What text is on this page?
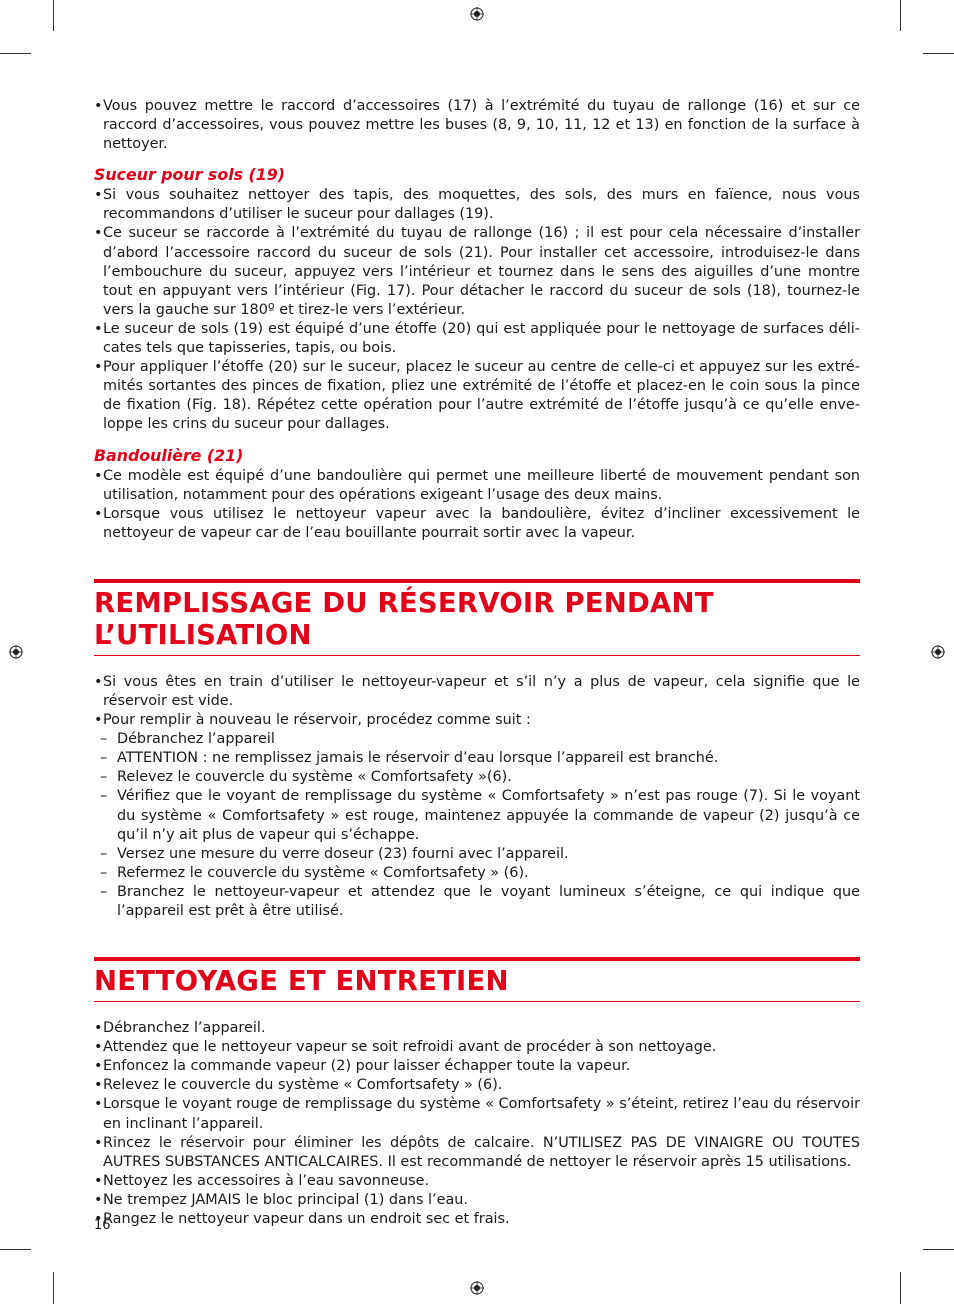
• Vous pouvez mettre le raccord d’accessoires (17) à l’extrémité du tuyau de rallonge (16) et sur ce raccord d’accessoires, vous pouvez mettre les buses (8, 9, 10, 11, 12 et 13) en fonction de la surface à nettoyer.
Suceur pour sols (19)
• Si vous souhaitez nettoyer des tapis, des moquettes, des sols, des murs en faïence, nous vous recommandons d’utiliser le suceur pour dallages (19).
• Ce suceur se raccorde à l’extrémité du tuyau de rallonge (16) ; il est pour cela nécessaire d’installer d’abord l’accessoire raccord du suceur de sols (21). Pour installer cet accessoire, introduisez-le dans l’embouchure du suceur, appuyez vers l’intérieur et tournez dans le sens des aiguilles d’une montre tout en appuyant vers l’intérieur (Fig. 17). Pour détacher le raccord du suceur de sols (18), tournez-le vers la gauche sur 180º et tirez-le vers l’extérieur.
• Le suceur de sols (19) est équipé d’une étoffe (20) qui est appliquée pour le nettoyage de surfaces délicates tels que tapisseries, tapis, ou bois.
• Pour appliquer l’étoffe (20) sur le suceur, placez le suceur au centre de celle-ci et appuyez sur les extrémités sortantes des pinces de fixation, pliez une extrémité de l’étoffe et placez-en le coin sous la pince de fixation (Fig. 18). Répétez cette opération pour l’autre extrémité de l’étoffe jusqu’à ce qu’elle enveloppe les crins du suceur pour dallages.
Bandoulière (21)
• Ce modèle est équipé d’une bandoulière qui permet une meilleure liberté de mouvement pendant son utilisation, notamment pour des opérations exigeant l’usage des deux mains.
• Lorsque vous utilisez le nettoyeur vapeur avec la bandoulière, évitez d’incliner excessivement le nettoyeur de vapeur car de l’eau bouillante pourrait sortir avec la vapeur.
REMPLISSAGE DU RÉSERVOIR PENDANT L’UTILISATION
• Si vous êtes en train d’utiliser le nettoyeur-vapeur et s’il n’y a plus de vapeur, cela signifie que le réservoir est vide.
• Pour remplir à nouveau le réservoir, procédez comme suit :
– Débranchez l’appareil
– ATTENTION : ne remplissez jamais le réservoir d’eau lorsque l’appareil est branché.
– Relevez le couvercle du système « Comfortsafety »(6).
– Vérifiez que le voyant de remplissage du système « Comfortsafety » n’est pas rouge (7). Si le voyant du système « Comfortsafety » est rouge, maintenez appuyée la commande de vapeur (2) jusqu’à ce qu’il n’y ait plus de vapeur qui s’échappe.
– Versez une mesure du verre doseur (23) fourni avec l’appareil.
– Refermez le couvercle du système « Comfortsafety » (6).
– Branchez le nettoyeur-vapeur et attendez que le voyant lumineux s’éteigne, ce qui indique que l’appareil est prêt à être utilisé.
NETTOYAGE ET ENTRETIEN
• Débranchez l’appareil.
• Attendez que le nettoyeur vapeur se soit refroidi avant de procéder à son nettoyage.
• Enfoncez la commande vapeur (2) pour laisser échapper toute la vapeur.
• Relevez le couvercle du système « Comfortsafety » (6).
• Lorsque le voyant rouge de remplissage du système « Comfortsafety » s’éteint, retirez l’eau du réservoir en inclinant l’appareil.
• Rincez le réservoir pour éliminer les dépôts de calcaire. N’UTILISEZ PAS DE VINAIGRE OU TOUTES AUTRES SUBSTANCES ANTICALCAIRES. Il est recommandé de nettoyer le réservoir après 15 utilisations.
• Nettoyez les accessoires à l’eau savonneuse.
• Ne trempez JAMAIS le bloc principal (1) dans l’eau.
• Rangez le nettoyeur vapeur dans un endroit sec et frais.
16
